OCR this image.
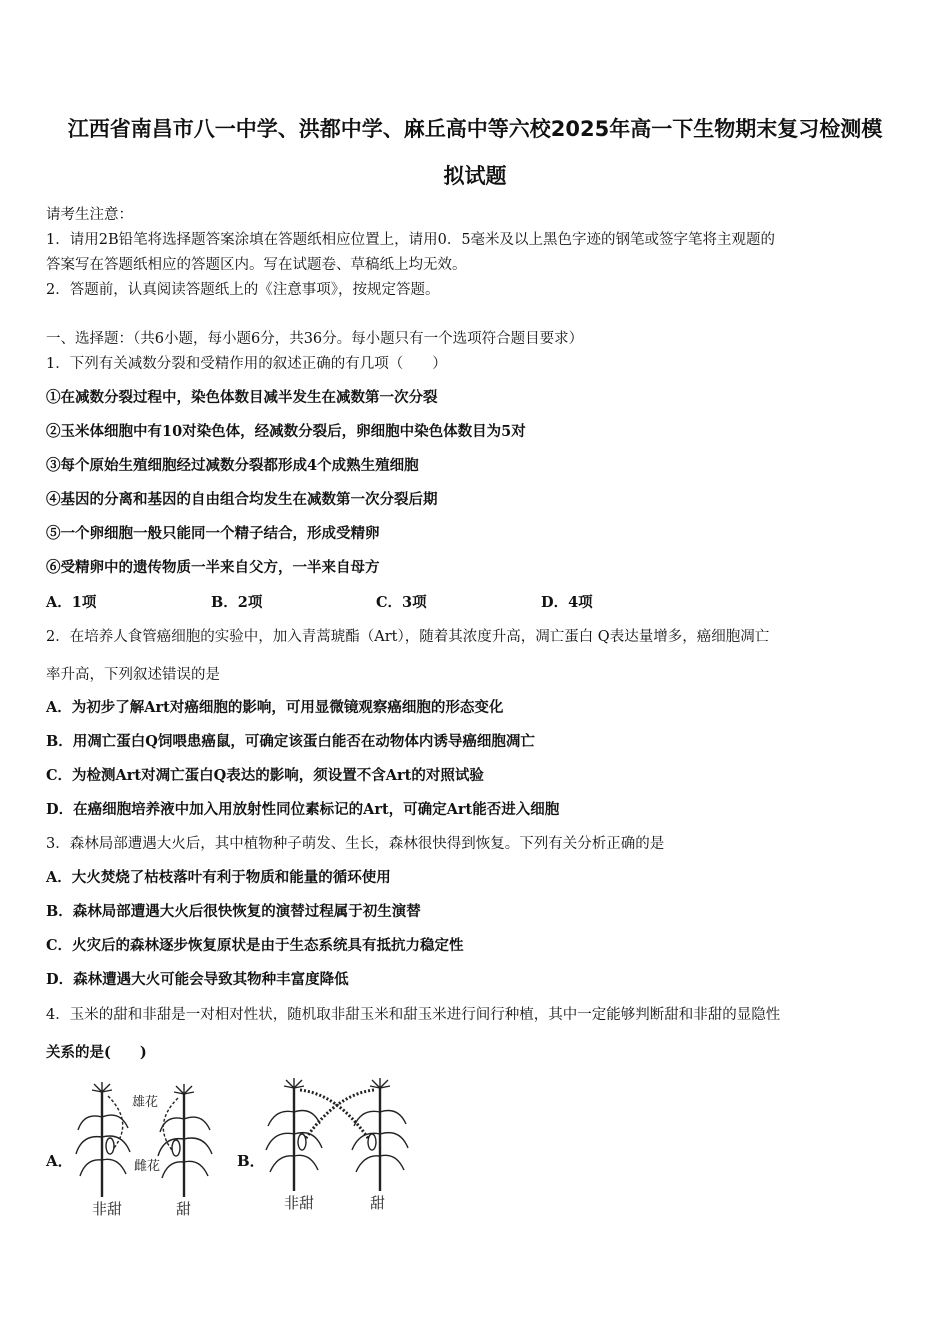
江西省南昌市八一中学、洪都中学、麻丘高中等六校2025年高一下生物期末复习检测模
拟试题
请考生注意：
1．请用2B铅笔将选择题答案涂填在答题纸相应位置上，请用0．5毫米及以上黑色字迹的钢笔或签字笔将主观题的
答案写在答题纸相应的答题区内。写在试题卷、草稿纸上均无效。
2．答题前，认真阅读答题纸上的《注意事项》，按规定答题。
一、选择题：（共6小题，每小题6分，共36分。每小题只有一个选项符合题目要求）
1．下列有关减数分裂和受精作用的叙述正确的有几项（　　）
①在减数分裂过程中，染色体数目减半发生在减数第一次分裂
②玉米体细胞中有10对染色体，经减数分裂后，卵细胞中染色体数目为5对
③每个原始生殖细胞经过减数分裂都形成4个成熟生殖细胞
④基因的分离和基因的自由组合均发生在减数第一次分裂后期
⑤一个卵细胞一般只能同一个精子结合，形成受精卵
⑥受精卵中的遗传物质一半来自父方，一半来自母方
A．1项	B．2项	C．3项	D．4项
2．在培养人食管癌细胞的实验中，加入青蒿琥酯（Art），随着其浓度升高，凋亡蛋白 Q表达量增多，癌细胞凋亡
率升高，下列叙述错误的是
A．为初步了解Art对癌细胞的影响，可用显微镜观察癌细胞的形态变化
B．用凋亡蛋白Q饲喂患癌鼠，可确定该蛋白能否在动物体内诱导癌细胞凋亡
C．为检测Art对凋亡蛋白Q表达的影响，须设置不含Art的对照试验
D．在癌细胞培养液中加入用放射性同位素标记的Art，可确定Art能否进入细胞
3．森林局部遭遇大火后，其中植物种子萌发、生长，森林很快得到恢复。下列有关分析正确的是
A．大火焚烧了枯枝落叶有利于物质和能量的循环使用
B．森林局部遭遇大火后很快恢复的演替过程属于初生演替
C．火灾后的森林逐步恢复原状是由于生态系统具有抵抗力稳定性
D．森林遭遇大火可能会导致其物种丰富度降低
4．玉米的甜和非甜是一对相对性状，随机取非甜玉米和甜玉米进行间行种植，其中一定能够判断甜和非甜的显隐性
关系的是(　　)
A．
雄花
雌花
非甜	甜
B．
非甜	甜
